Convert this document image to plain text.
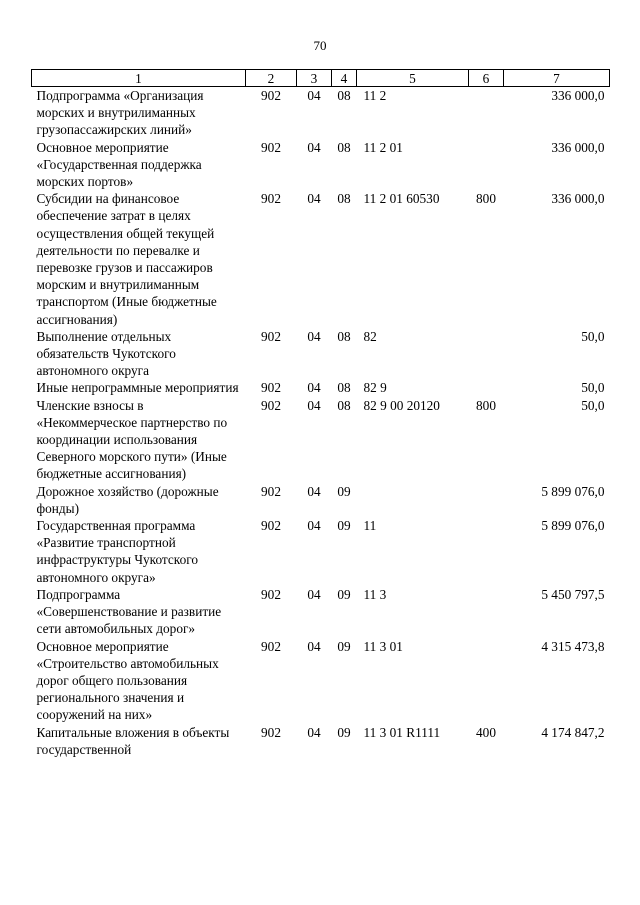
70
1	2	3	4	5	6	7
Подпрограмма «Организация морских и внутрилиманных грузопассажирских линий»	902	04	08	11 2		336 000,0
Основное мероприятие «Государственная поддержка морских портов»	902	04	08	11 2 01		336 000,0
Субсидии на финансовое обеспечение затрат в целях осуществления общей текущей деятельности по перевалке и перевозке грузов и пассажиров морским и внутрилиманным транспортом (Иные бюджетные ассигнования)	902	04	08	11 2 01 60530	800	336 000,0
Выполнение отдельных обязательств Чукотского автономного округа	902	04	08	82		50,0
Иные непрограммные мероприятия	902	04	08	82 9		50,0
Членские взносы в «Некоммерческое партнерство по координации использования Северного морского пути» (Иные бюджетные ассигнования)	902	04	08	82 9 00 20120	800	50,0
Дорожное хозяйство (дорожные фонды)	902	04	09			5 899 076,0
Государственная программа «Развитие транспортной инфраструктуры Чукотского автономного округа»	902	04	09	11		5 899 076,0
Подпрограмма «Совершенствование и развитие сети автомобильных дорог»	902	04	09	11 3		5 450 797,5
Основное мероприятие «Строительство автомобильных дорог общего пользования регионального значения и сооружений на них»	902	04	09	11 3 01		4 315 473,8
Капитальные вложения в объекты государственной	902	04	09	11 3 01 R1111	400	4 174 847,2
